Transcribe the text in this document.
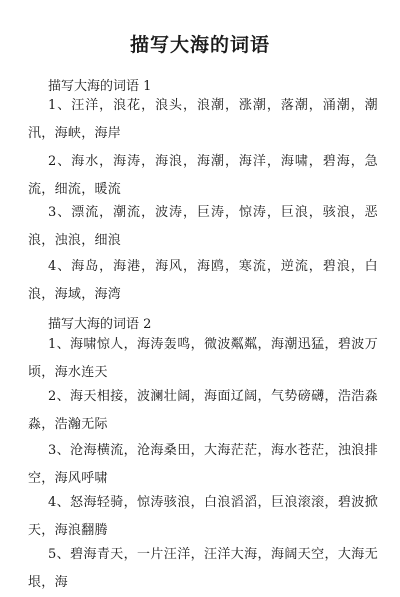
描写大海的词语
描写大海的词语 1
1、汪洋，浪花，浪头，浪潮，涨潮，落潮，涌潮，潮汛，海峡，海岸
2、海水，海涛，海浪，海潮，海洋，海啸，碧海，急流，细流，暖流
3、漂流，潮流，波涛，巨涛，惊涛，巨浪，骇浪，恶浪，浊浪，细浪
4、海岛，海港，海风，海鸥，寒流，逆流，碧浪，白浪，海域，海湾
描写大海的词语 2
1、海啸惊人，海涛轰鸣，微波粼粼，海潮迅猛，碧波万顷，海水连天
2、海天相接，波澜壮阔，海面辽阔，气势磅礴，浩浩淼淼，浩瀚无际
3、沧海横流，沧海桑田，大海茫茫，海水苍茫，浊浪排空，海风呼啸
4、怒海轻骑，惊涛骇浪，白浪滔滔，巨浪滚滚，碧波掀天，海浪翻腾
5、碧海青天，一片汪洋，汪洋大海，海阔天空，大海无垠，海
